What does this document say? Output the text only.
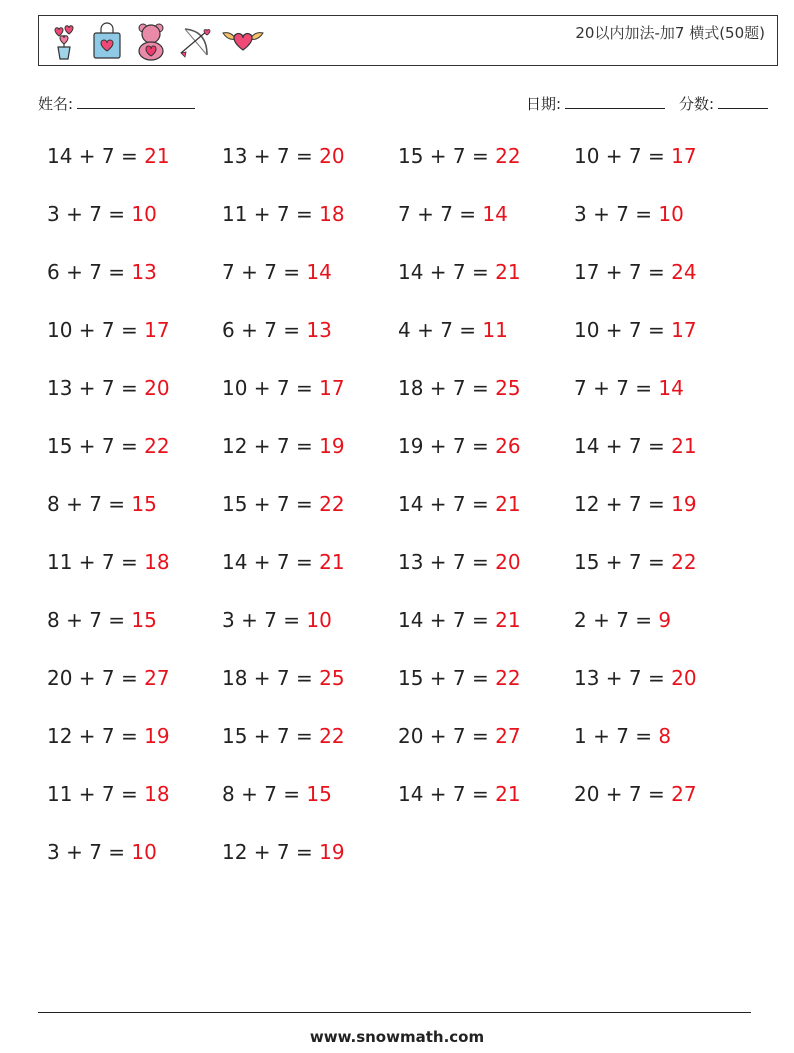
20以内加法-加7 横式(50题)
姓名:	日期:	分数:
14 + 7 = 21	13 + 7 = 20	15 + 7 = 22	10 + 7 = 17
3 + 7 = 10	11 + 7 = 18	7 + 7 = 14	3 + 7 = 10
6 + 7 = 13	7 + 7 = 14	14 + 7 = 21	17 + 7 = 24
10 + 7 = 17	6 + 7 = 13	4 + 7 = 11	10 + 7 = 17
13 + 7 = 20	10 + 7 = 17	18 + 7 = 25	7 + 7 = 14
15 + 7 = 22	12 + 7 = 19	19 + 7 = 26	14 + 7 = 21
8 + 7 = 15	15 + 7 = 22	14 + 7 = 21	12 + 7 = 19
11 + 7 = 18	14 + 7 = 21	13 + 7 = 20	15 + 7 = 22
8 + 7 = 15	3 + 7 = 10	14 + 7 = 21	2 + 7 = 9
20 + 7 = 27	18 + 7 = 25	15 + 7 = 22	13 + 7 = 20
12 + 7 = 19	15 + 7 = 22	20 + 7 = 27	1 + 7 = 8
11 + 7 = 18	8 + 7 = 15	14 + 7 = 21	20 + 7 = 27
3 + 7 = 10	12 + 7 = 19
www.snowmath.com
